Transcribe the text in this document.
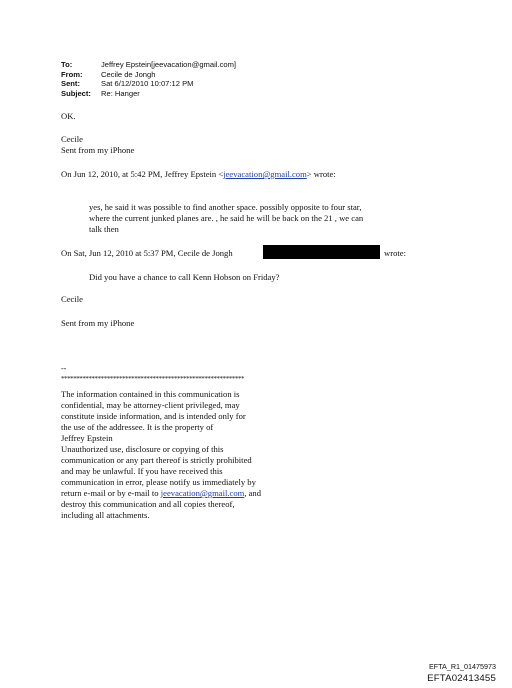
To:	Jeffrey Epstein[jeevacation@gmail.com]
From:	Cecile de Jongh
Sent:	Sat 6/12/2010 10:07:12 PM
Subject:	Re: Hanger
OK.
Cecile
Sent from my iPhone
On Jun 12, 2010, at 5:42 PM, Jeffrey Epstein <jeevacation@gmail.com> wrote:
yes, he said it was possible to find another space. possibly opposite to four star,
where the current junked planes are. , he said he will be back on the 21 , we can
talk then
On Sat, Jun 12, 2010 at 5:37 PM, Cecile de Jongh	wrote:
Did you have a chance to call Kenn Hobson on Friday?
Cecile
Sent from my iPhone
--
************************************************************
The information contained in this communication is
confidential, may be attorney-client privileged, may
constitute inside information, and is intended only for
the use of the addressee. It is the property of
Jeffrey Epstein
Unauthorized use, disclosure or copying of this
communication or any part thereof is strictly prohibited
and may be unlawful. If you have received this
communication in error, please notify us immediately by
return e-mail or by e-mail to jeevacation@gmail.com, and
destroy this communication and all copies thereof,
including all attachments.
EFTA_R1_01475973
EFTA02413455
